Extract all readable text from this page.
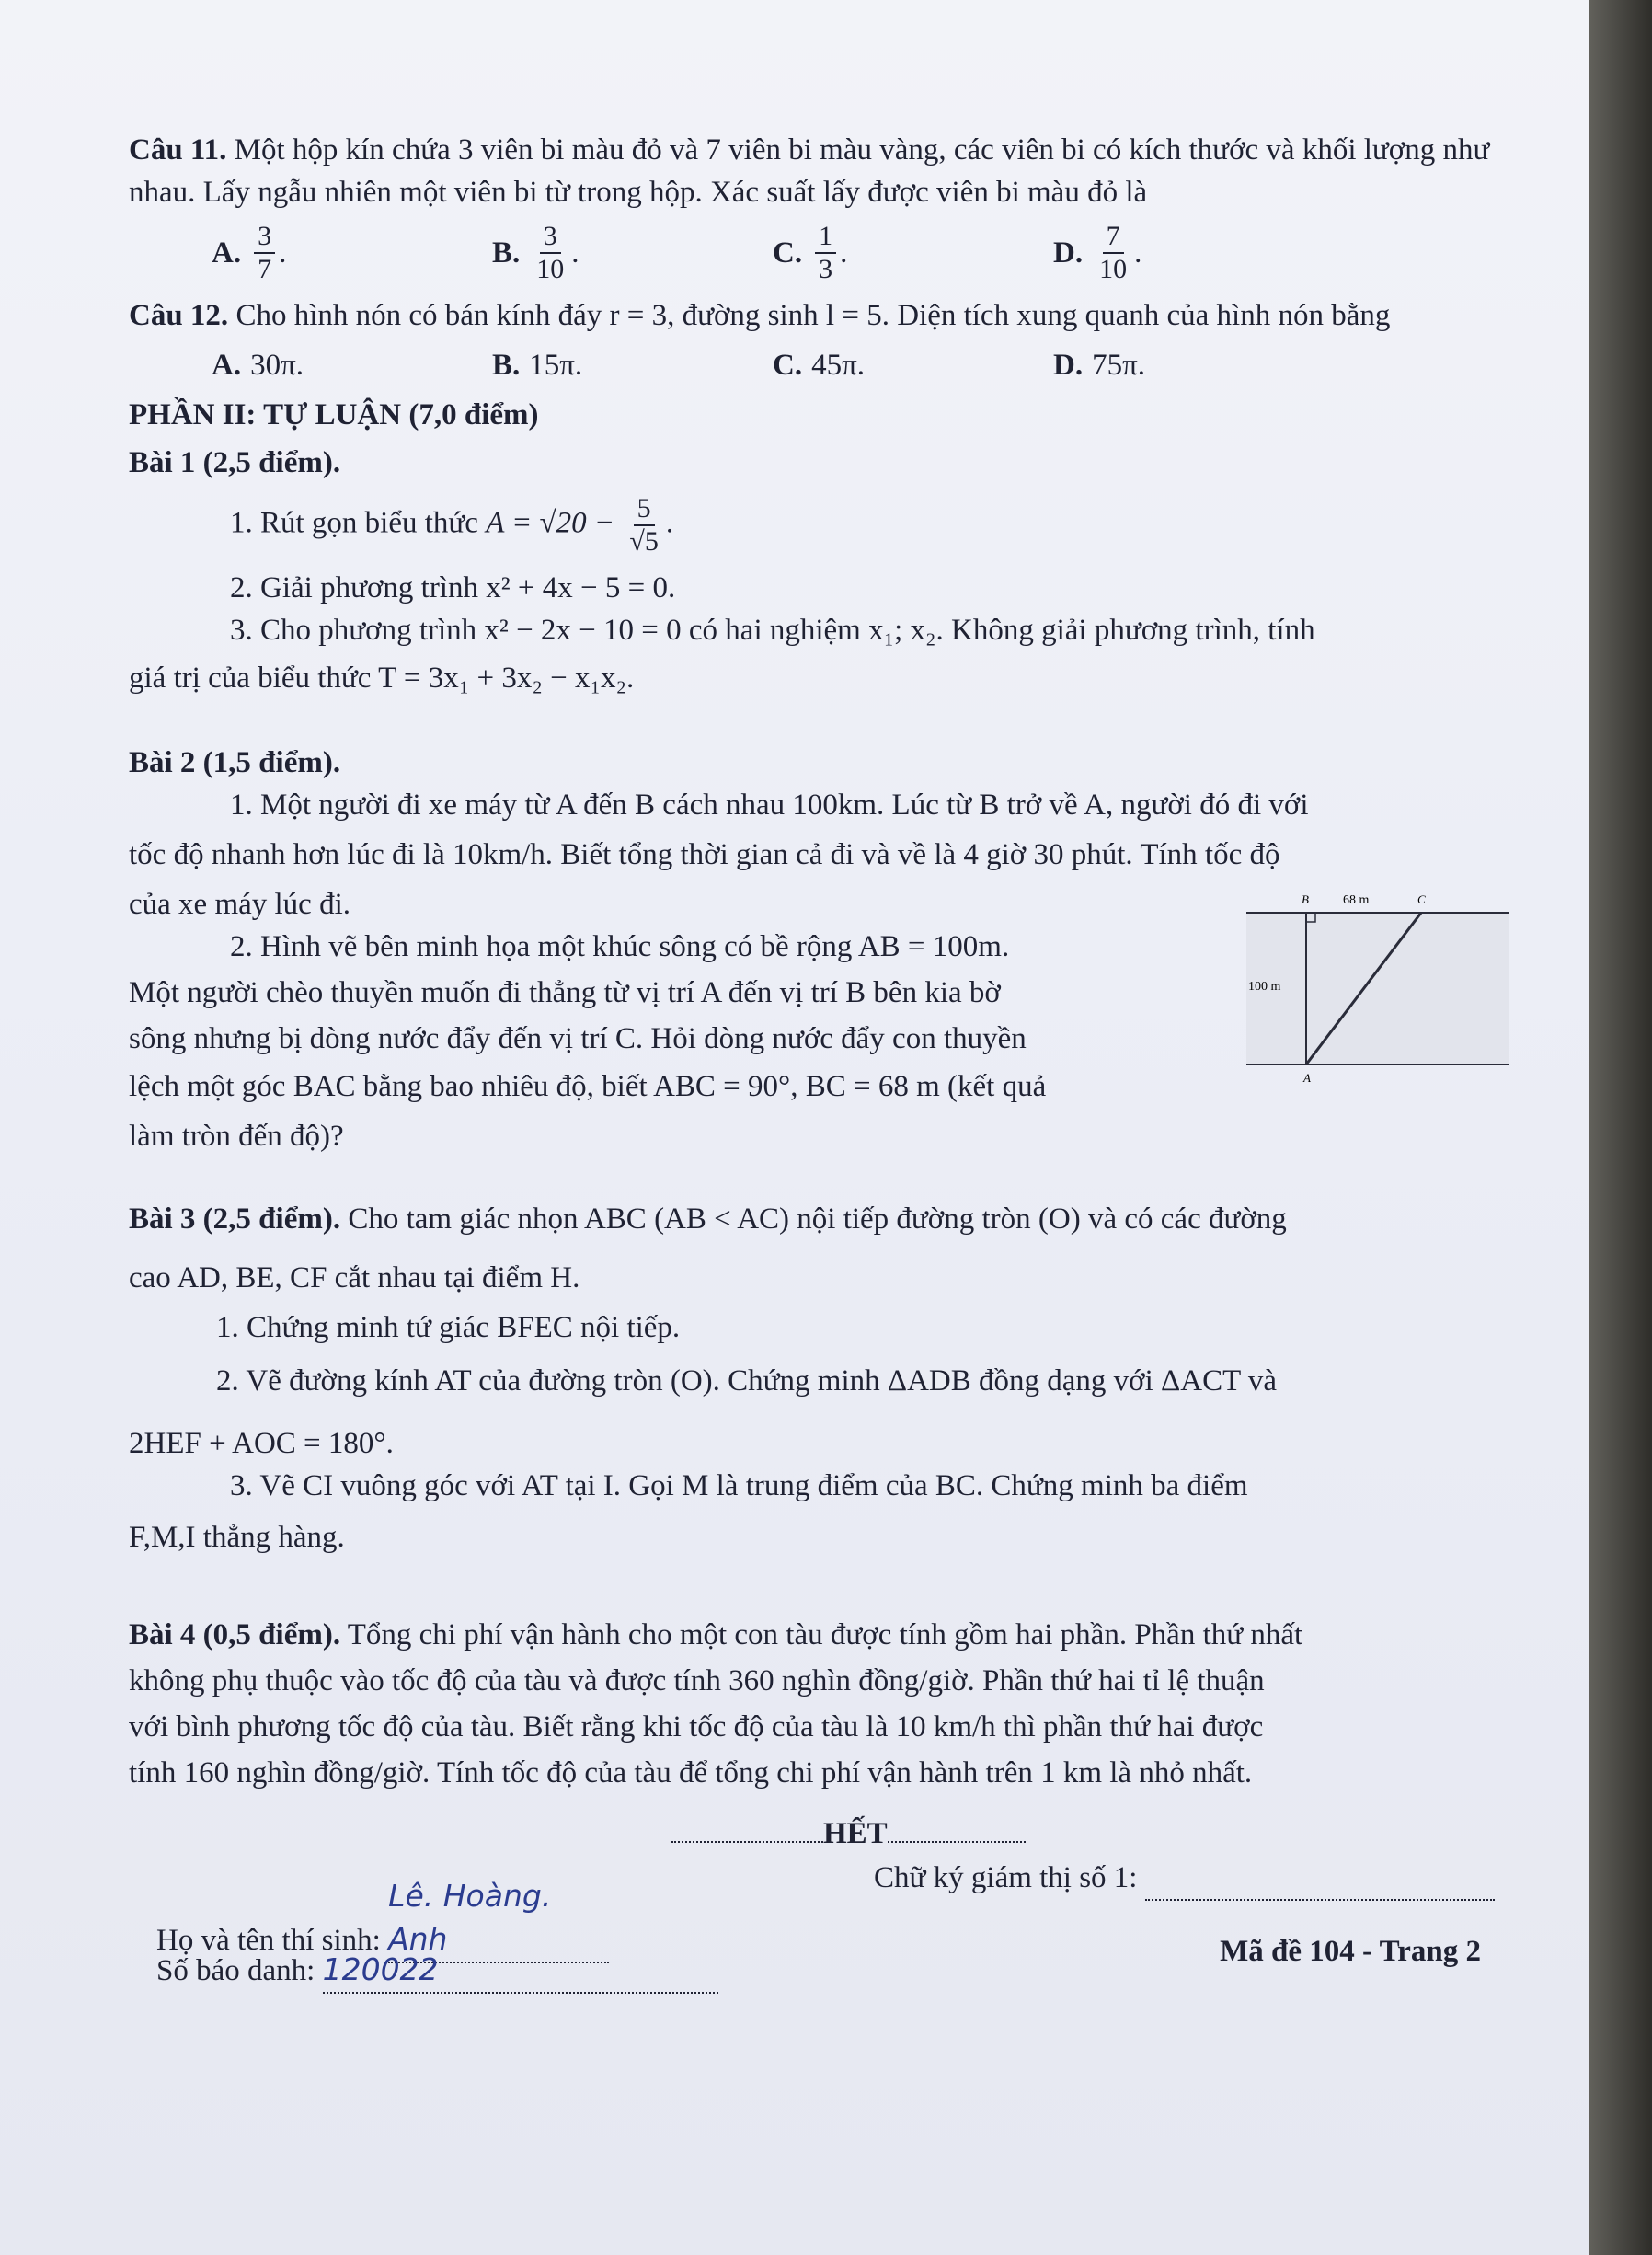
Câu 11. Một hộp kín chứa 3 viên bi màu đỏ và 7 viên bi màu vàng, các viên bi có kích thước và khối lượng như nhau. Lấy ngẫu nhiên một viên bi từ trong hộp. Xác suất lấy được viên bi màu đỏ là

A. $\frac{3}{7}$ .	B. $\frac{3}{10}$ .	C. $\frac{1}{3}$ .	D. $\frac{7}{10}$ .

Câu 12. Cho hình nón có bán kính đáy r = 3, đường sinh l = 5. Diện tích xung quanh của hình nón bằng

A. 30π.	B. 15π.	C. 45π.	D. 75π.

PHẦN II: TỰ LUẬN (7,0 điểm)

Bài 1 (2,5 điểm).

1. Rút gọn biểu thức $A = √20 - \frac{5}{√5}$ .

2. Giải phương trình x² + 4x − 5 = 0.

3. Cho phương trình x² − 2x − 10 = 0 có hai nghiệm x₁; x₂. Không giải phương trình, tính

giá trị của biểu thức T = 3x₁ + 3x₂ − x₁x₂.

Bài 2 (1,5 điểm).

1. Một người đi xe máy từ A đến B cách nhau 100km. Lúc từ B trở về A, người đó đi với

tốc độ nhanh hơn lúc đi là 10km/h. Biết tổng thời gian cả đi và về là 4 giờ 30 phút. Tính tốc độ

của xe máy lúc đi.

2. Hình vẽ bên minh họa một khúc sông có bề rộng AB = 100m.

Một người chèo thuyền muốn đi thẳng từ vị trí A đến vị trí B bên kia bờ

sông nhưng bị dòng nước đẩy đến vị trí C. Hỏi dòng nước đẩy con thuyền

lệch một góc BAC bằng bao nhiêu độ, biết ABC = 90°, BC = 68 m (kết quả

làm tròn đến độ)?

B	68 m	C
A
100 m

Bài 3 (2,5 điểm). Cho tam giác nhọn ABC (AB < AC) nội tiếp đường tròn (O) và có các đường

cao AD, BE, CF cắt nhau tại điểm H.

1. Chứng minh tứ giác BFEC nội tiếp.

2. Vẽ đường kính AT của đường tròn (O). Chứng minh ΔADB đồng dạng với ΔACT và

2HEF + AOC = 180°.

3. Vẽ CI vuông góc với AT tại I. Gọi M là trung điểm của BC. Chứng minh ba điểm

F,M,I thẳng hàng.

Bài 4 (0,5 điểm). Tổng chi phí vận hành cho một con tàu được tính gồm hai phần. Phần thứ nhất

không phụ thuộc vào tốc độ của tàu và được tính 360 nghìn đồng/giờ. Phần thứ hai tỉ lệ thuận

với bình phương tốc độ của tàu. Biết rằng khi tốc độ của tàu là 10 km/h thì phần thứ hai được

tính 160 nghìn đồng/giờ. Tính tốc độ của tàu để tổng chi phí vận hành trên 1 km là nhỏ nhất.

HẾT
Họ và tên thí sinh: Lê. Hoàng. Anh
Chữ ký giám thị số 1:
Số báo danh: 120022	Mã đề 104 - Trang 2
